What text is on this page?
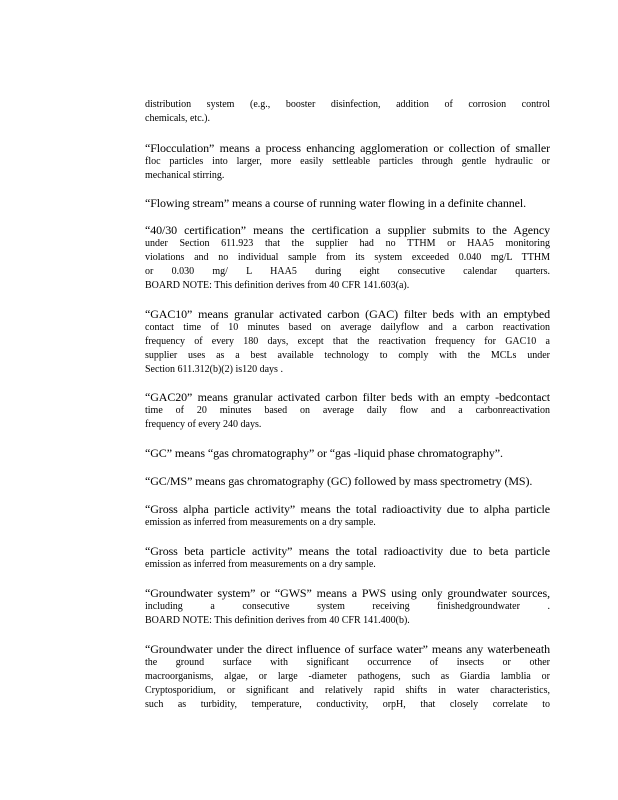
distribution system (e.g., booster disinfection, addition of corrosion control
chemicals, etc.).
“Flocculation” means a process enhancing agglomeration or collection of smaller
floc particles into larger, more easily settleable particles through gentle hydraulic or
mechanical stirring.
“Flowing stream” means a course of running water flowing in a definite channel.
“40/30 certification” means the certification a supplier submits to the Agency
under Section 611.923 that the supplier had no TTHM or HAA5 monitoring
violations and no individual sample from its system exceeded 0.040 mg/L TTHM
or 0.030 mg/ L HAA5 during eight consecutive calendar quarters.
BOARD NOTE: This definition derives from 40 CFR 141.603(a).
“GAC10” means granular activated carbon (GAC) filter beds with an emptybed
contact time of 10 minutes based on average dailyflow and a carbon reactivation
frequency of every 180 days, except that the reactivation frequency for GAC10 a
supplier uses as a best available technology to comply with the MCLs under
Section 611.312(b)(2) is120 days .
“GAC20” means granular activated carbon filter beds with an empty -bedcontact
time of 20 minutes based on average daily flow and a carbonreactivation
frequency of every 240 days.
“GC” means “gas chromatography” or “gas -liquid phase chromatography”.
“GC/MS” means gas chromatography (GC) followed by mass spectrometry (MS).
“Gross alpha particle activity” means the total radioactivity due to alpha particle
emission as inferred from measurements on a dry sample.
“Gross beta particle activity” means the total radioactivity due to beta particle
emission as inferred from measurements on a dry sample.
“Groundwater system” or “GWS” means a PWS using only groundwater sources,
including a consecutive system receiving finishedgroundwater .
BOARD NOTE: This definition derives from 40 CFR 141.400(b).
“Groundwater under the direct influence of surface water” means any waterbeneath
the ground surface with significant occurrence of insects or other
macroorganisms, algae, or large -diameter pathogens, such as Giardia lamblia or
Cryptosporidium, or significant and relatively rapid shifts in water characteristics,
such as turbidity, temperature, conductivity, orpH, that closely correlate to
